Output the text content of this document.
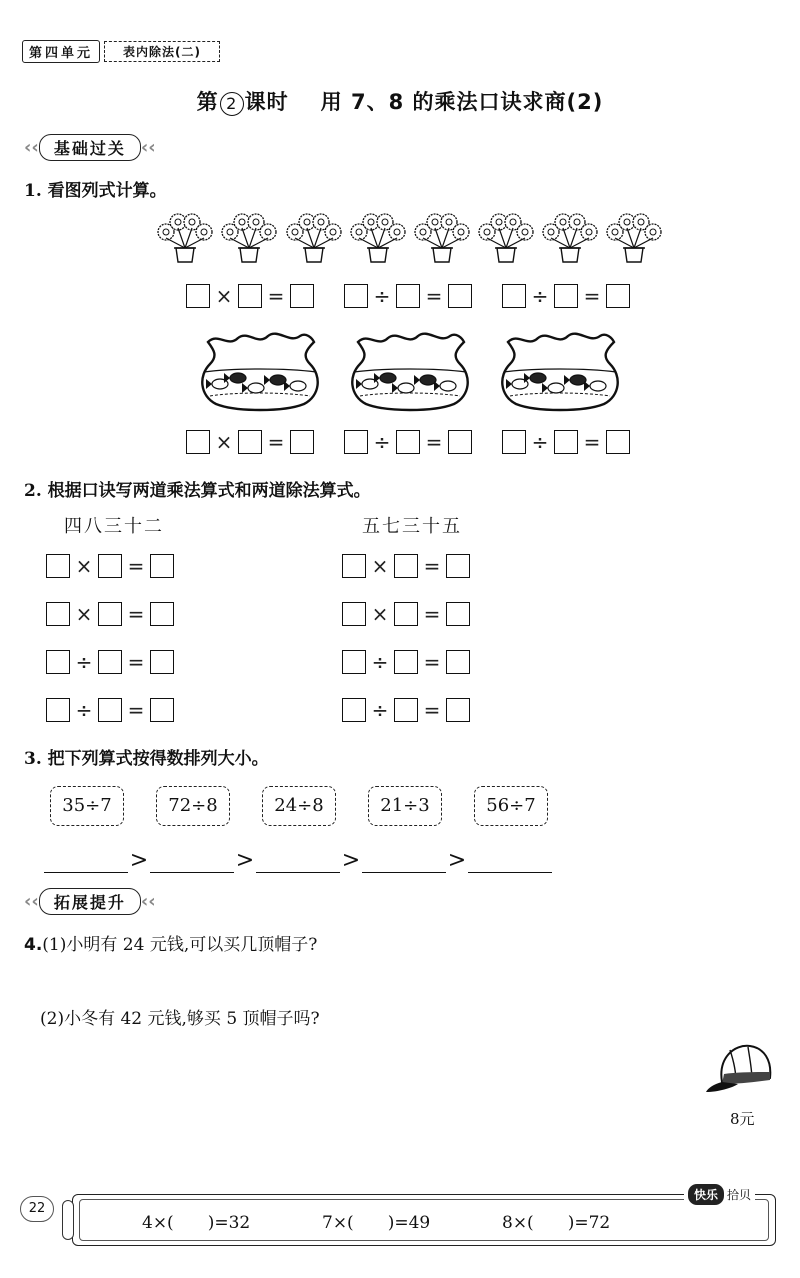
第四单元	表内除法(二)
第 2 课时 用 7、8 的乘法口诀求商(2)
‹‹ 基础过关 ‹‹
1. 看图列式计算。
× =	÷ =	÷ =
× =	÷ =	÷ =
2. 根据口诀写两道乘法算式和两道除法算式。
四八三十二	五七三十五
× =	× =
× =	× =
÷ =	÷ =
÷ =	÷ =
3. 把下列算式按得数排列大小。
35÷7	72÷8	24÷8	21÷3	56÷7
>	>	>	>
‹‹ 拓展提升 ‹‹
4.(1)小明有 24 元钱,可以买几顶帽子?
(2)小冬有 42 元钱,够买 5 顶帽子吗?
8元
22
4×(　　)=32	7×(　　)=49	8×(　　)=72
快乐 拾贝
